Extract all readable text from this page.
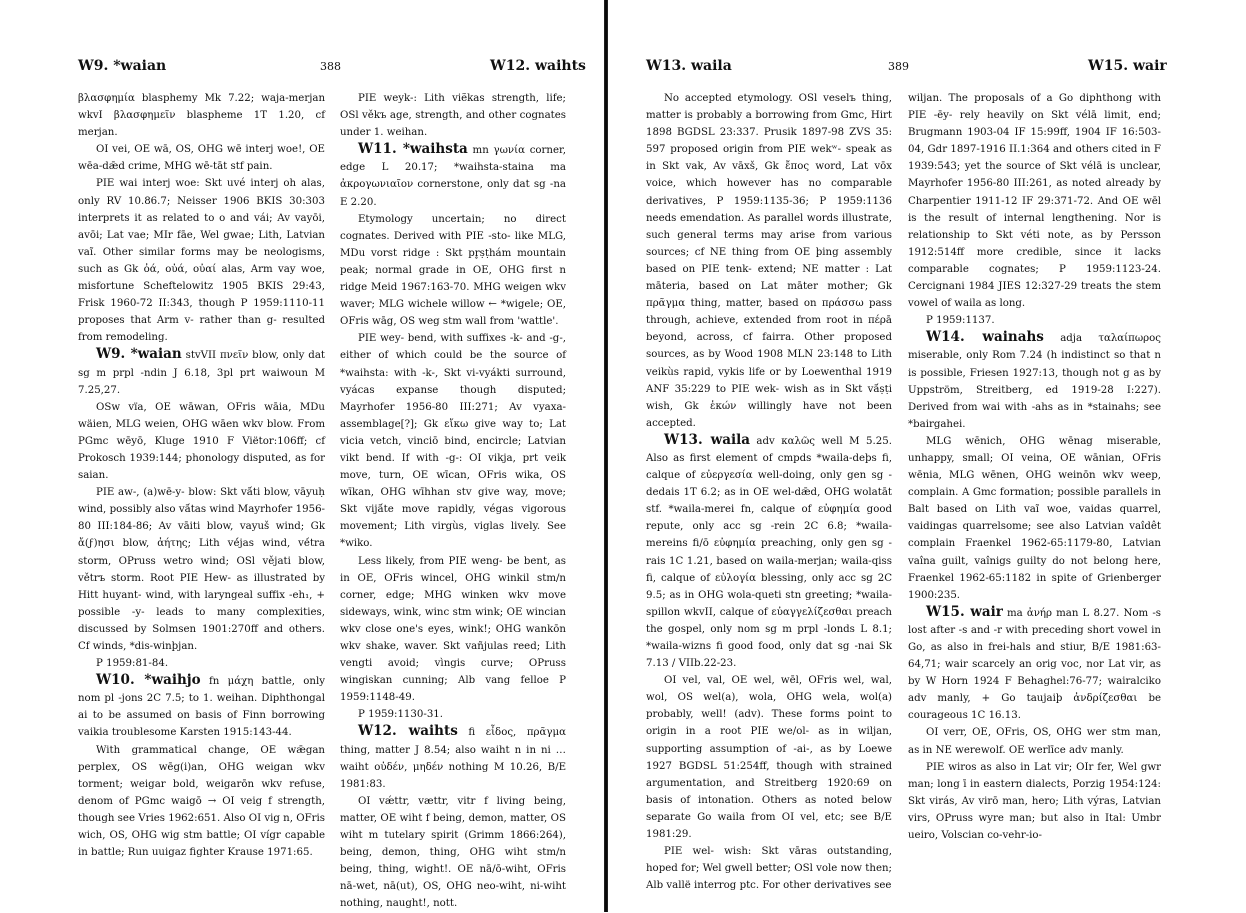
W9. *waian	388	W12. waihts

βλασφημία blasphemy Mk 7.22; waja-merjan wkvI βλασφημεῖν blaspheme 1T 1.20, cf merjan.

OI vei, OE wā, OS, OHG wē interj woe!, OE wēa-dǣd crime, MHG wē-tāt stf pain.

PIE wai interj woe: Skt uvé interj oh alas, only RV 10.86.7; Neisser 1906 BKIS 30:303 interprets it as related to o and vái; Av vayōi, avōi; Lat vae; MIr fāe, Wel gwae; Lith, Latvian vaĩ. Other similar forms may be neologisms, such as Gk ὀά, οὐά, οὐαί alas, Arm vay woe, misfortune Scheftelowitz 1905 BKIS 29:43, Frisk 1960-72 II:343, though P 1959:1110-11 proposes that Arm v- rather than g- resulted from remodeling.

W9. *waian stvVII πνεῖν blow, only dat sg m prpl -ndin J 6.18, 3pl prt waiwoun M 7.25,27.

OSw vïa, OE wāwan, OFris wāia, MDu wäien, MLG weien, OHG wāen wkv blow. From PGmc wēyō, Kluge 1910 F Viëtor:106ff; cf Prokosch 1939:144; phonology disputed, as for saian.

PIE aw-, (a)wē-y- blow: Skt vā́ti blow, vāyuḥ wind, possibly also vā́tas wind Mayrhofer 1956-80 III:184-86; Av vāiti blow, vayuš wind; Gk ἄ(ϝ)ησι blow, ἀήτης; Lith vė́jas wind, vė́tra storm, OPruss wetro wind; OSl vějati blow, větrъ storm. Root PIE Hew- as illustrated by Hitt huyant- wind, with laryngeal suffix -eh₁, + possible -y- leads to many complexities, discussed by Solmsen 1901:270ff and others. Cf winds, *dis-winþjan.

P 1959:81-84.

W10. *waihjo fn μάχη battle, only nom pl -jons 2C 7.5; to 1. weihan. Diphthongal ai to be assumed on basis of Finn borrowing vaikia troublesome Karsten 1915:143-44.

With grammatical change, OE wǣgan perplex, OS wēg(i)an, OHG weigan wkv torment; weigar bold, weigarōn wkv refuse, denom of PGmc waigō → OI veig f strength, though see Vries 1962:651. Also OI vig n, OFris wich, OS, OHG wig stm battle; OI vígr capable in battle; Run uuigaz fighter Krause 1971:65.

PIE weyk-: Lith viẽkas strength, life; OSl věkъ age, strength, and other cognates under 1. weihan.

W11. *waihsta mn γωνία corner, edge L 20.17; *waihsta-staina ma ἀκρογωνιαῖον cornerstone, only dat sg -na E 2.20.

Etymology uncertain; no direct cognates. Derived with PIE -sto- like MLG, MDu vorst ridge : Skt pr̥ṣṭhám mountain peak; normal grade in OE, OHG first n ridge Meid 1967:163-70. MHG weigen wkv waver; MLG wichele willow ← *wigele; OE, OFris wāg, OS weg stm wall from 'wattle'.

PIE wey- bend, with suffixes -k- and -g-, either of which could be the source of *waihsta: with -k-, Skt vi-vyákti surround, vyácas expanse though disputed; Mayrhofer 1956-80 III:271; Av vyaxa- assemblage[?]; Gk εἴκω give way to; Lat vicia vetch, vinciō bind, encircle; Latvian vikt bend. If with -g-: OI vikja, prt veik move, turn, OE wīcan, OFris wika, OS wīkan, OHG wīhhan stv give way, move; Skt vijā́te move rapidly, végas vigorous movement; Lith virgùs, viglas lively. See *wiko.

Less likely, from PIE weng- be bent, as in OE, OFris wincel, OHG winkil stm/n corner, edge; MHG winken wkv move sideways, wink, winc stm wink; OE wincian wkv close one's eyes, wink!; OHG wankōn wkv shake, waver. Skt vañjulas reed; Lith vengti avoid; vìngis curve; OPruss wingiskan cunning; Alb vang felloe P 1959:1148-49.

P 1959:1130-31.

W12. waihts fi εἶδος, πρᾶγμα thing, matter J 8.54; also waiht n in ni … waiht οὐδέν, μηδέν nothing M 10.26, B/E 1981:83.

OI vǽttr, vættr, vitr f living being, matter, OE wiht f being, demon, matter, OS wiht m tutelary spirit (Grimm 1866:264), being, demon, thing, OHG wiht stm/n being, thing, wight!. OE nā/ō-wiht, OFris nā-wet, nā(ut), OS, OHG neo-wiht, ni-wiht nothing, naught!, nott.

W13. waila	389	W15. wair

No accepted etymology. OSl veselъ thing, matter is probably a borrowing from Gmc, Hirt 1898 BGDSL 23:337. Prusik 1897-98 ZVS 35: 597 proposed origin from PIE wekʷ- speak as in Skt vak, Av vāxš, Gk ἔπος word, Lat vōx voice, which however has no comparable derivatives, P 1959:1135-36; P 1959:1136 needs emendation. As parallel words illustrate, such general terms may arise from various sources; cf NE thing from OE þing assembly based on PIE tenk- extend; NE matter : Lat māteria, based on Lat māter mother; Gk πρᾶγμα thing, matter, based on πράσσω pass through, achieve, extended from root in πέρā beyond, across, cf fairra. Other proposed sources, as by Wood 1908 MLN 23:148 to Lith veikùs rapid, vykis life or by Loewenthal 1919 ANF 35:229 to PIE wek- wish as in Skt vā́ṣṭi wish, Gk ἑκών willingly have not been accepted.

W13. waila adv καλῶς well M 5.25. Also as first element of cmpds *waila-deþs fi, calque of εὐεργεσία well-doing, only gen sg -dedais 1T 6.2; as in OE wel-dǣd, OHG wolatāt stf. *waila-merei fn, calque of εὐφημία good repute, only acc sg -rein 2C 6.8; *waila-mereins fi/ō εὐφημία preaching, only gen sg -rais 1C 1.21, based on waila-merjan; waila-qiss fi, calque of εὐλογία blessing, only acc sg 2C 9.5; as in OHG wola-queti stn greeting; *waila-spillon wkvII, calque of εὐαγγελίζεσθαι preach the gospel, only nom sg m prpl -londs L 8.1; *waila-wizns fi good food, only dat sg -nai Sk 7.13 / VIIb.22-23.

OI vel, val, OE wel, wēl, OFris wel, wal, wol, OS wel(a), wola, OHG wela, wol(a) probably, well! (adv). These forms point to origin in a root PIE we/ol- as in wiljan, supporting assumption of -ai-, as by Loewe 1927 BGDSL 51:254ff, though with strained argumentation, and Streitberg 1920:69 on basis of intonation. Others as noted below separate Go waila from OI vel, etc; see B/E 1981:29.

PIE wel- wish: Skt vāras outstanding, hoped for; Wel gwell better; OSl vole now then; Alb vallë interrog ptc. For other derivatives see

wiljan. The proposals of a Go diphthong with PIE -ēy- rely heavily on Skt vélā limit, end; Brugmann 1903-04 IF 15:99ff, 1904 IF 16:503-04, Gdr 1897-1916 II.1:364 and others cited in F 1939:543; yet the source of Skt vélā is unclear, Mayrhofer 1956-80 III:261, as noted already by Charpentier 1911-12 IF 29:371-72. And OE wēl is the result of internal lengthening. Nor is relationship to Skt véti note, as by Persson 1912:514ff more credible, since it lacks comparable cognates; P 1959:1123-24. Cercignani 1984 JIES 12:327-29 treats the stem vowel of waila as long.

P 1959:1137.

W14. wainahs adja ταλαίπωρος miserable, only Rom 7.24 (h indistinct so that n is possible, Friesen 1927:13, though not g as by Uppström, Streitberg, ed 1919-28 I:227). Derived from wai with -ahs as in *stainahs; see *bairgahei.

MLG wēnich, OHG wēnag miserable, unhappy, small; OI veina, OE wānian, OFris wēnia, MLG wēnen, OHG weinōn wkv weep, complain. A Gmc formation; possible parallels in Balt based on Lith vaĩ woe, vaidas quarrel, vaidingas quarrelsome; see also Latvian vaîdêt complain Fraenkel 1962-65:1179-80, Latvian vaîna guilt, vaînigs guilty do not belong here, Fraenkel 1962-65:1182 in spite of Grienberger 1900:235.

W15. wair ma ἀνήρ man L 8.27. Nom -s lost after -s and -r with preceding short vowel in Go, as also in frei-hals and stiur, B/E 1981:63-64,71; wair scarcely an orig voc, nor Lat vir, as by W Horn 1924 F Behaghel:76-77; wairalciko adv manly, + Go taujaiþ ἀνδρίζεσθαι be courageous 1C 16.13.

OI verr, OE, OFris, OS, OHG wer stm man, as in NE werewolf. OE werlīce adv manly.

PIE wiros as also in Lat vir; OIr fer, Wel gwr man; long ī in eastern dialects, Porzig 1954:124: Skt virás, Av virō man, hero; Lith výras, Latvian virs, OPruss wyre man; but also in Ital: Umbr ueiro, Volscian co-vehr-io-
